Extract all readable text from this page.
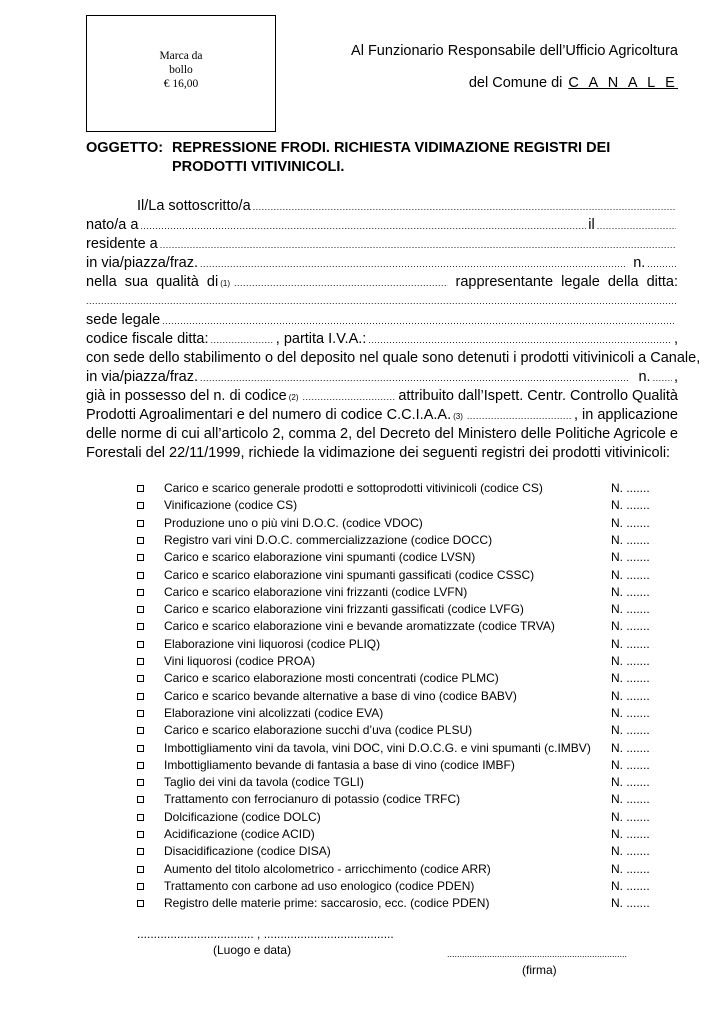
Marca da
bollo
€ 16,00
Al Funzionario Responsabile dell’Ufficio Agricoltura
del Comune di C A N A L E
OGGETTO: REPRESSIONE FRODI. RICHIESTA VIDIMAZIONE REGISTRI DEI PRODOTTI VITIVINICOLI.
Il/La sottoscritto/a
.....
nato/a a .....	il
.....
residente a
.....
in via/piazza/fraz. .....	n.
.....
nella  sua  qualità  di (1) .....	rappresentante  legale  della  ditta:
.....
sede legale
.....
codice fiscale ditta: .....	, partita I.V.A.: .....	,
con sede dello stabilimento o del deposito nel quale sono detenuti i prodotti vitivinicoli a Canale,
in via/piazza/fraz. .....	n. ..... ,
già in possesso del n. di codice (2) .....	attribuito dall’Ispett. Centr. Controllo Qualità
Prodotti Agroalimentari e del numero di codice C.C.I.A.A. (3) .....	, in applicazione
delle norme di cui all’articolo 2, comma 2, del Decreto del Ministero delle Politiche Agricole e
Forestali del 22/11/1999, richiede la vidimazione dei seguenti registri dei prodotti vitivinicoli:
Carico e scarico generale prodotti e sottoprodotti vitivinicoli (codice CS)	N. .......
Vinificazione (codice CS)	N. .......
Produzione uno o più vini D.O.C. (codice VDOC)	N. .......
Registro vari vini D.O.C. commercializzazione (codice DOCC)	N. .......
Carico e scarico elaborazione vini spumanti (codice LVSN)	N. .......
Carico e scarico elaborazione vini spumanti gassificati (codice CSSC)	N. .......
Carico e scarico elaborazione vini frizzanti (codice LVFN)	N. .......
Carico e scarico elaborazione vini frizzanti gassificati (codice LVFG)	N. .......
Carico e scarico elaborazione vini e bevande aromatizzate (codice TRVA)	N. .......
Elaborazione vini liquorosi (codice PLIQ)	N. .......
Vini liquorosi (codice PROA)	N. .......
Carico e scarico elaborazione mosti concentrati (codice PLMC)	N. .......
Carico e scarico bevande alternative a base di vino (codice BABV)	N. .......
Elaborazione vini alcolizzati (codice EVA)	N. .......
Carico e scarico elaborazione succhi d’uva (codice PLSU)	N. .......
Imbottigliamento vini da tavola, vini DOC, vini D.O.C.G. e vini spumanti (c.IMBV) N. .......
Imbottigliamento bevande di fantasia a base di vino (codice IMBF)	N. .......
Taglio dei vini da tavola (codice TGLI)	N. .......
Trattamento con ferrocianuro di potassio (codice TRFC)	N. .......
Dolcificazione (codice DOLC)	N. .......
Acidificazione (codice ACID)	N. .......
Disacidificazione (codice DISA)	N. .......
Aumento del titolo alcolometrico - arricchimento (codice ARR)	N. .......
Trattamento con carbone ad uso enologico (codice PDEN)	N. .......
Registro delle materie prime: saccarosio, ecc. (codice PDEN)	N. .......
................................... , .......................................
(Luogo e data)	........................................................................
(firma)
